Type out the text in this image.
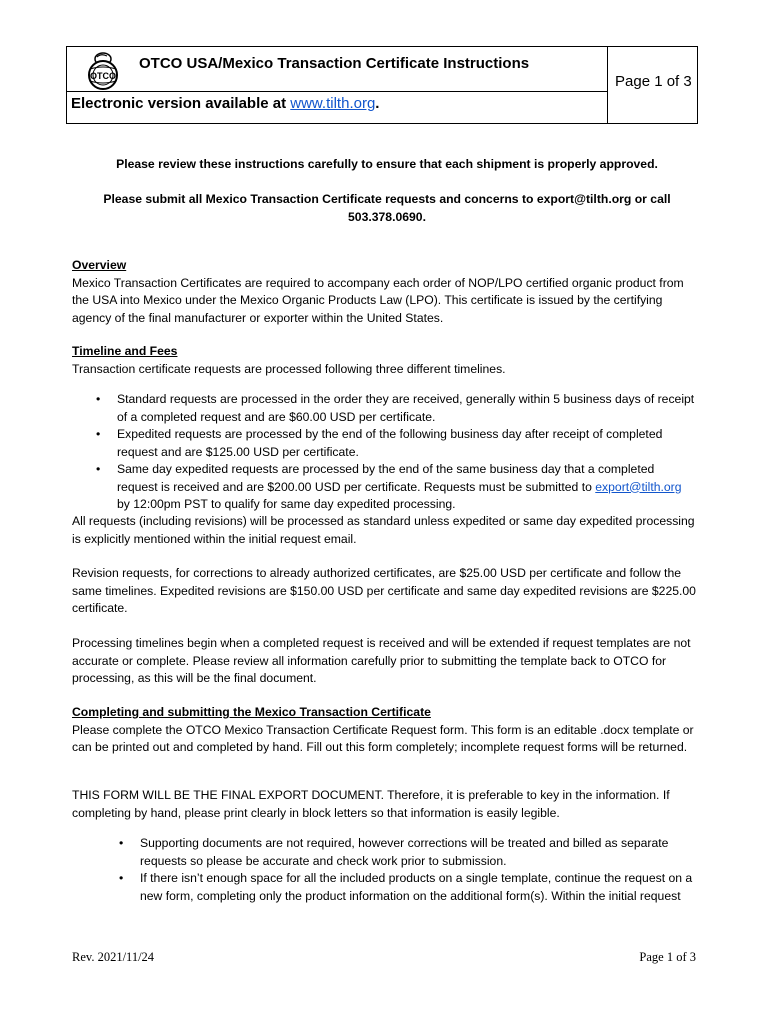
OTCO
OTCO USA/Mexico Transaction Certificate Instructions
Page 1 of 3
Electronic version available at www.tilth.org.
Please review these instructions carefully to ensure that each shipment is properly approved.
Please submit all Mexico Transaction Certificate requests and concerns to export@tilth.org or call
503.378.0690.
Overview
Mexico Transaction Certificates are required to accompany each order of NOP/LPO certified organic product from the USA into Mexico under the Mexico Organic Products Law (LPO). This certificate is issued by the certifying agency of the final manufacturer or exporter within the United States.
Timeline and Fees
Transaction certificate requests are processed following three different timelines.
• Standard requests are processed in the order they are received, generally within 5 business days of receipt of a completed request and are $60.00 USD per certificate.
• Expedited requests are processed by the end of the following business day after receipt of completed request and are $125.00 USD per certificate.
• Same day expedited requests are processed by the end of the same business day that a completed request is received and are $200.00 USD per certificate. Requests must be submitted to export@tilth.org by 12:00pm PST to qualify for same day expedited processing.
All requests (including revisions) will be processed as standard unless expedited or same day expedited processing is explicitly mentioned within the initial request email.
Revision requests, for corrections to already authorized certificates, are $25.00 USD per certificate and follow the same timelines. Expedited revisions are $150.00 USD per certificate and same day expedited revisions are $225.00 certificate.
Processing timelines begin when a completed request is received and will be extended if request templates are not accurate or complete. Please review all information carefully prior to submitting the template back to OTCO for processing, as this will be the final document.
Completing and submitting the Mexico Transaction Certificate
Please complete the OTCO Mexico Transaction Certificate Request form. This form is an editable .docx template or can be printed out and completed by hand. Fill out this form completely; incomplete request forms will be returned.
THIS FORM WILL BE THE FINAL EXPORT DOCUMENT. Therefore, it is preferable to key in the information. If completing by hand, please print clearly in block letters so that information is easily legible.
• Supporting documents are not required, however corrections will be treated and billed as separate requests so please be accurate and check work prior to submission.
• If there isn’t enough space for all the included products on a single template, continue the request on a new form, completing only the product information on the additional form(s). Within the initial request
Rev. 2021/11/24	Page 1 of 3
